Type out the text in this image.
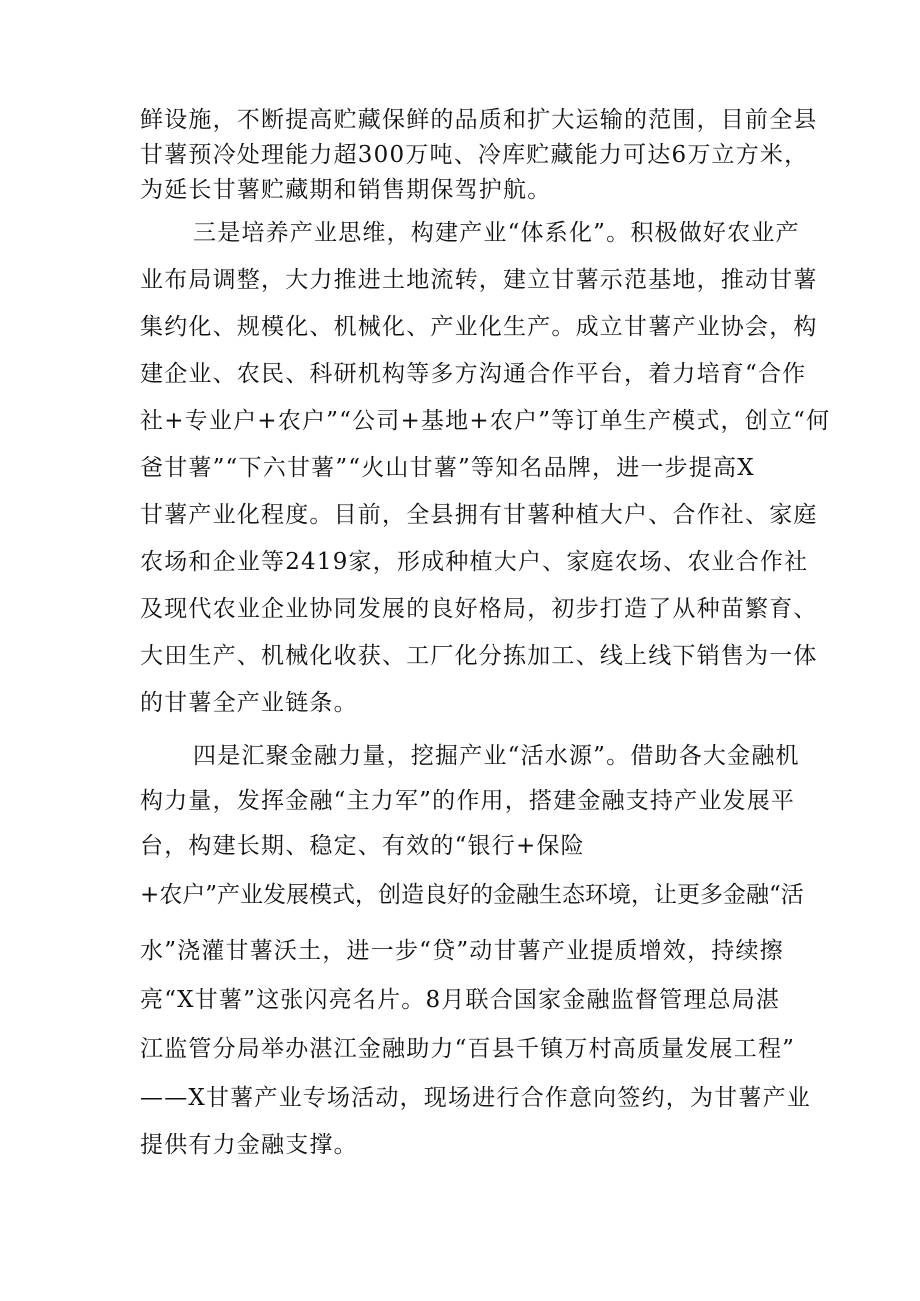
鲜设施，不断提高贮藏保鲜的品质和扩大运输的范围，目前全县
甘薯预冷处理能力超300万吨、冷库贮藏能力可达6万立方米，
为延长甘薯贮藏期和销售期保驾护航。
三是培养产业思维，构建产业“体系化”。积极做好农业产
业布局调整，大力推进土地流转，建立甘薯示范基地，推动甘薯
集约化、规模化、机械化、产业化生产。成立甘薯产业协会，构
建企业、农民、科研机构等多方沟通合作平台，着力培育“合作
社+专业户+农户”“公司+基地+农户”等订单生产模式，创立“何
爸甘薯”“下六甘薯”“火山甘薯”等知名品牌，进一步提高X
甘薯产业化程度。目前，全县拥有甘薯种植大户、合作社、家庭
农场和企业等2419家，形成种植大户、家庭农场、农业合作社
及现代农业企业协同发展的良好格局，初步打造了从种苗繁育、
大田生产、机械化收获、工厂化分拣加工、线上线下销售为一体
的甘薯全产业链条。
四是汇聚金融力量，挖掘产业“活水源”。借助各大金融机
构力量，发挥金融“主力军”的作用，搭建金融支持产业发展平
台，构建长期、稳定、有效的“银行+保险
+农户”产业发展模式，创造良好的金融生态环境，让更多金融“活
水”浇灌甘薯沃土，进一步“贷”动甘薯产业提质增效，持续擦
亮“X甘薯”这张闪亮名片。8月联合国家金融监督管理总局湛
江监管分局举办湛江金融助力“百县千镇万村高质量发展工程”
——X甘薯产业专场活动，现场进行合作意向签约，为甘薯产业
提供有力金融支撑。
